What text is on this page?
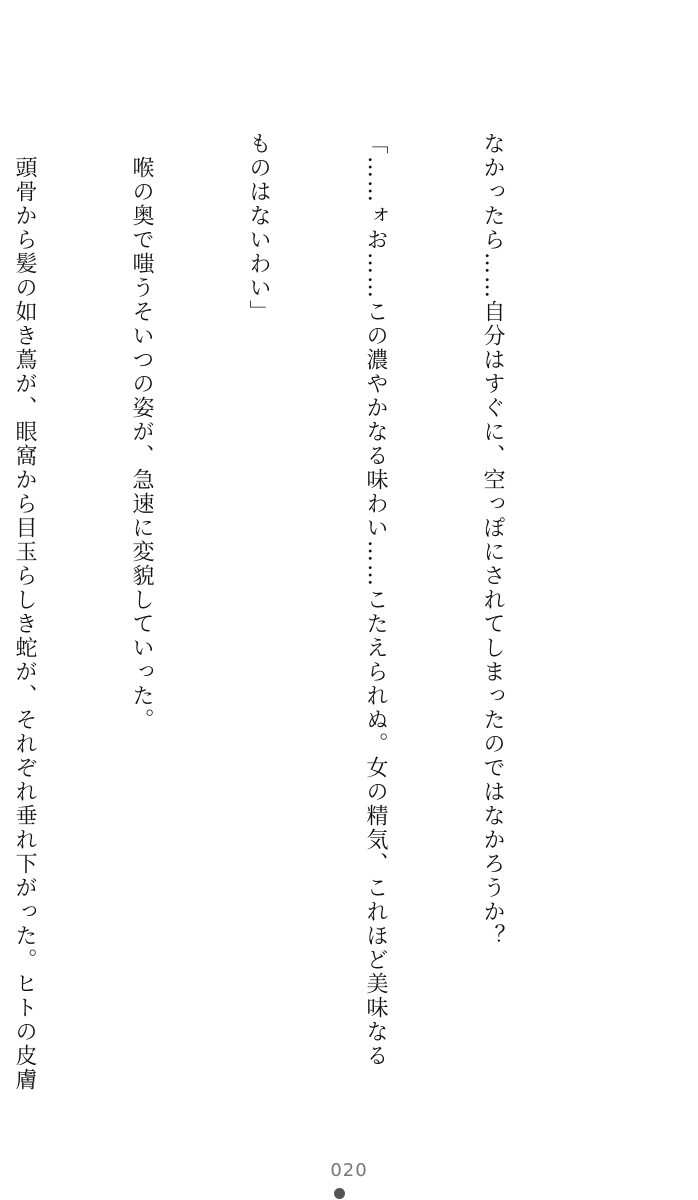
なかったら……自分はすぐに、空っぽにされてしまったのではなかろうか？

「……ォお……この濃やかなる味わい……こたえられぬ。女の精気、これほど美味なる

ものはないわい」

　喉の奥で嗤うそいつの姿が、急速に変貌していった。

　頭骨から髪の如き蔦が、眼窩から目玉らしき蛇が、それぞれ垂れ下がった。ヒトの皮膚

020
